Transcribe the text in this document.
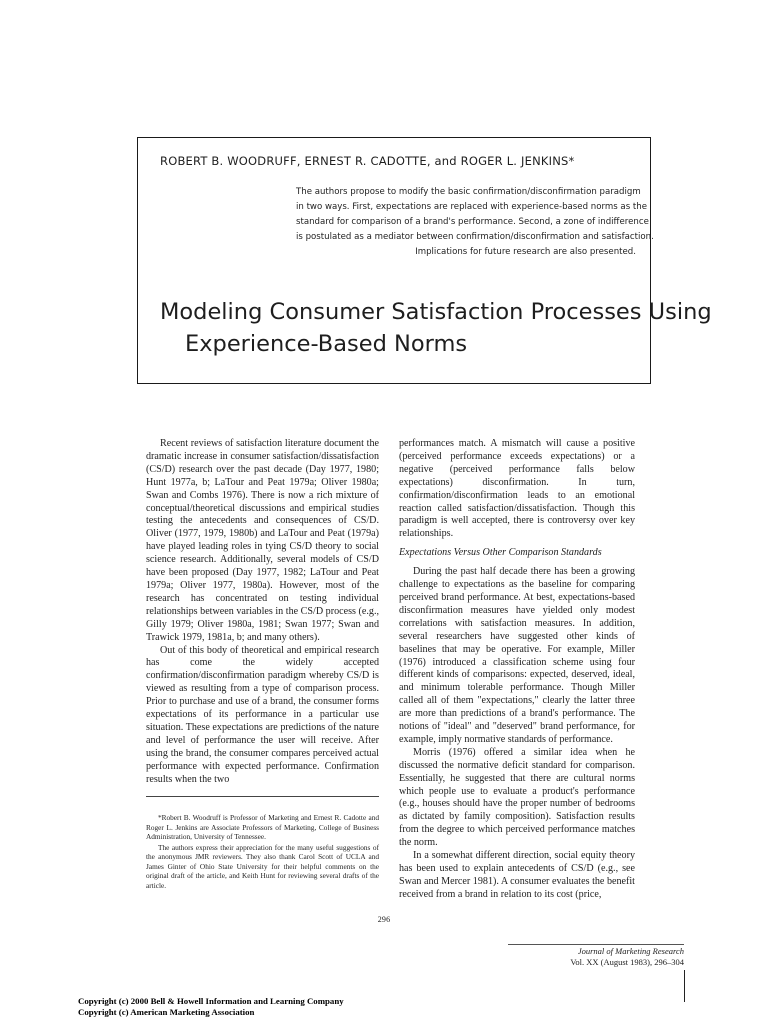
ROBERT B. WOODRUFF, ERNEST R. CADOTTE, and ROGER L. JENKINS*
The authors propose to modify the basic confirmation/disconfirmation paradigm
in two ways. First, expectations are replaced with experience-based norms as the
standard for comparison of a brand's performance. Second, a zone of indifference
is postulated as a mediator between confirmation/disconfirmation and satisfaction.
Implications for future research are also presented.
Modeling Consumer Satisfaction Processes Using
Experience-Based Norms

Recent reviews of satisfaction literature document the dramatic increase in consumer satisfaction/dissatisfaction (CS/D) research over the past decade (Day 1977, 1980; Hunt 1977a, b; LaTour and Peat 1979a; Oliver 1980a; Swan and Combs 1976). There is now a rich mixture of conceptual/theoretical discussions and empirical studies testing the antecedents and consequences of CS/D. Oliver (1977, 1979, 1980b) and LaTour and Peat (1979a) have played leading roles in tying CS/D theory to social science research. Additionally, several models of CS/D have been proposed (Day 1977, 1982; LaTour and Peat 1979a; Oliver 1977, 1980a). However, most of the research has concentrated on testing individual relationships between variables in the CS/D process (e.g., Gilly 1979; Oliver 1980a, 1981; Swan 1977; Swan and Trawick 1979, 1981a, b; and many others).

Out of this body of theoretical and empirical research has come the widely accepted confirmation/disconfirmation paradigm whereby CS/D is viewed as resulting from a type of comparison process. Prior to purchase and use of a brand, the consumer forms expectations of its performance in a particular use situation. These expectations are predictions of the nature and level of performance the user will receive. After using the brand, the consumer compares perceived actual performance with expected performance. Confirmation results when the two

*Robert B. Woodruff is Professor of Marketing and Ernest R. Cadotte and Roger L. Jenkins are Associate Professors of Marketing, College of Business Administration, University of Tennessee.

The authors express their appreciation for the many useful suggestions of the anonymous JMR reviewers. They also thank Carol Scott of UCLA and James Ginter of Ohio State University for their helpful comments on the original draft of the article, and Keith Hunt for reviewing several drafts of the article.

performances match. A mismatch will cause a positive (perceived performance exceeds expectations) or a negative (perceived performance falls below expectations) disconfirmation. In turn, confirmation/disconfirmation leads to an emotional reaction called satisfaction/dissatisfaction. Though this paradigm is well accepted, there is controversy over key relationships.

Expectations Versus Other Comparison Standards

During the past half decade there has been a growing challenge to expectations as the baseline for comparing perceived brand performance. At best, expectations-based disconfirmation measures have yielded only modest correlations with satisfaction measures. In addition, several researchers have suggested other kinds of baselines that may be operative. For example, Miller (1976) introduced a classification scheme using four different kinds of comparisons: expected, deserved, ideal, and minimum tolerable performance. Though Miller called all of them "expectations," clearly the latter three are more than predictions of a brand's performance. The notions of "ideal" and "deserved" brand performance, for example, imply normative standards of performance.

Morris (1976) offered a similar idea when he discussed the normative deficit standard for comparison. Essentially, he suggested that there are cultural norms which people use to evaluate a product's performance (e.g., houses should have the proper number of bedrooms as dictated by family composition). Satisfaction results from the degree to which perceived performance matches the norm.

In a somewhat different direction, social equity theory has been used to explain antecedents of CS/D (e.g., see Swan and Mercer 1981). A consumer evaluates the benefit received from a brand in relation to its cost (price,

296
Journal of Marketing Research
Vol. XX (August 1983), 296–304
Copyright (c) 2000 Bell & Howell Information and Learning Company
Copyright (c) American Marketing Association
